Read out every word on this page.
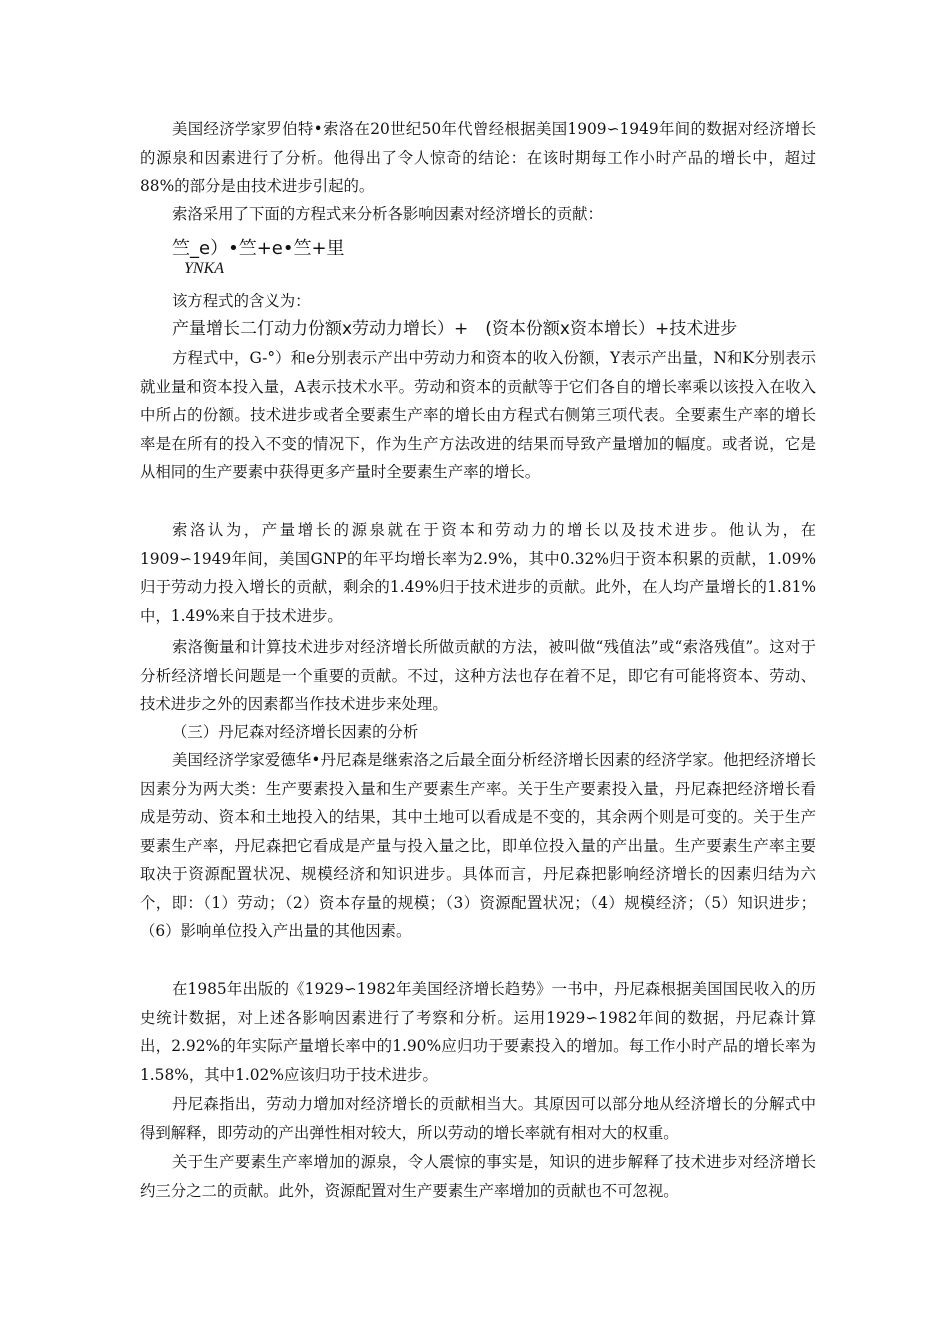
美国经济学家罗伯特•索洛在20世纪50年代曾经根据美国1909∽1949年间的数据对经济增长的源泉和因素进行了分析。他得出了令人惊奇的结论：在该时期每工作小时产品的增长中，超过88%的部分是由技术进步引起的。

索洛采用了下面的方程式来分析各影响因素对经济增长的贡献：

竺_e）•竺+e•竺+里

YNKA

该方程式的含义为：

产量增长二仃动力份额x劳动力增长）+　(资本份额x资本增长）+技术进步

方程式中，G-°）和e分别表示产出中劳动力和资本的收入份额，Y表示产出量，N和K分别表示就业量和资本投入量，A表示技术水平。劳动和资本的贡献等于它们各自的增长率乘以该投入在收入中所占的份额。技术进步或者全要素生产率的增长由方程式右侧第三项代表。全要素生产率的增长率是在所有的投入不变的情况下，作为生产方法改进的结果而导致产量增加的幅度。或者说，它是从相同的生产要素中获得更多产量时全要素生产率的增长。

索洛认为，产量增长的源泉就在于资本和劳动力的增长以及技术进步。他认为，在1909∽1949年间，美国GNP的年平均增长率为2.9%，其中0.32%归于资本积累的贡献，1.09%归于劳动力投入增长的贡献，剩余的1.49%归于技术进步的贡献。此外，在人均产量增长的1.81%中，1.49%来自于技术进步。

索洛衡量和计算技术进步对经济增长所做贡献的方法，被叫做“残值法”或“索洛残值”。这对于分析经济增长问题是一个重要的贡献。不过，这种方法也存在着不足，即它有可能将资本、劳动、技术进步之外的因素都当作技术进步来处理。

（三）丹尼森对经济增长因素的分析

美国经济学家爱德华•丹尼森是继索洛之后最全面分析经济增长因素的经济学家。他把经济增长因素分为两大类：生产要素投入量和生产要素生产率。关于生产要素投入量，丹尼森把经济增长看成是劳动、资本和土地投入的结果，其中土地可以看成是不变的，其余两个则是可变的。关于生产要素生产率，丹尼森把它看成是产量与投入量之比，即单位投入量的产出量。生产要素生产率主要取决于资源配置状况、规模经济和知识进步。具体而言，丹尼森把影响经济增长的因素归结为六个，即：（1）劳动；（2）资本存量的规模；（3）资源配置状况；（4）规模经济；（5）知识进步；（6）影响单位投入产出量的其他因素。

在1985年出版的《1929∽1982年美国经济增长趋势》一书中，丹尼森根据美国国民收入的历史统计数据，对上述各影响因素进行了考察和分析。运用1929∽1982年间的数据，丹尼森计算出，2.92%的年实际产量增长率中的1.90%应归功于要素投入的增加。每工作小时产品的增长率为1.58%，其中1.02%应该归功于技术进步。

丹尼森指出，劳动力增加对经济增长的贡献相当大。其原因可以部分地从经济增长的分解式中得到解释，即劳动的产出弹性相对较大，所以劳动的增长率就有相对大的权重。

关于生产要素生产率增加的源泉，令人震惊的事实是，知识的进步解释了技术进步对经济增长约三分之二的贡献。此外，资源配置对生产要素生产率增加的贡献也不可忽视。
